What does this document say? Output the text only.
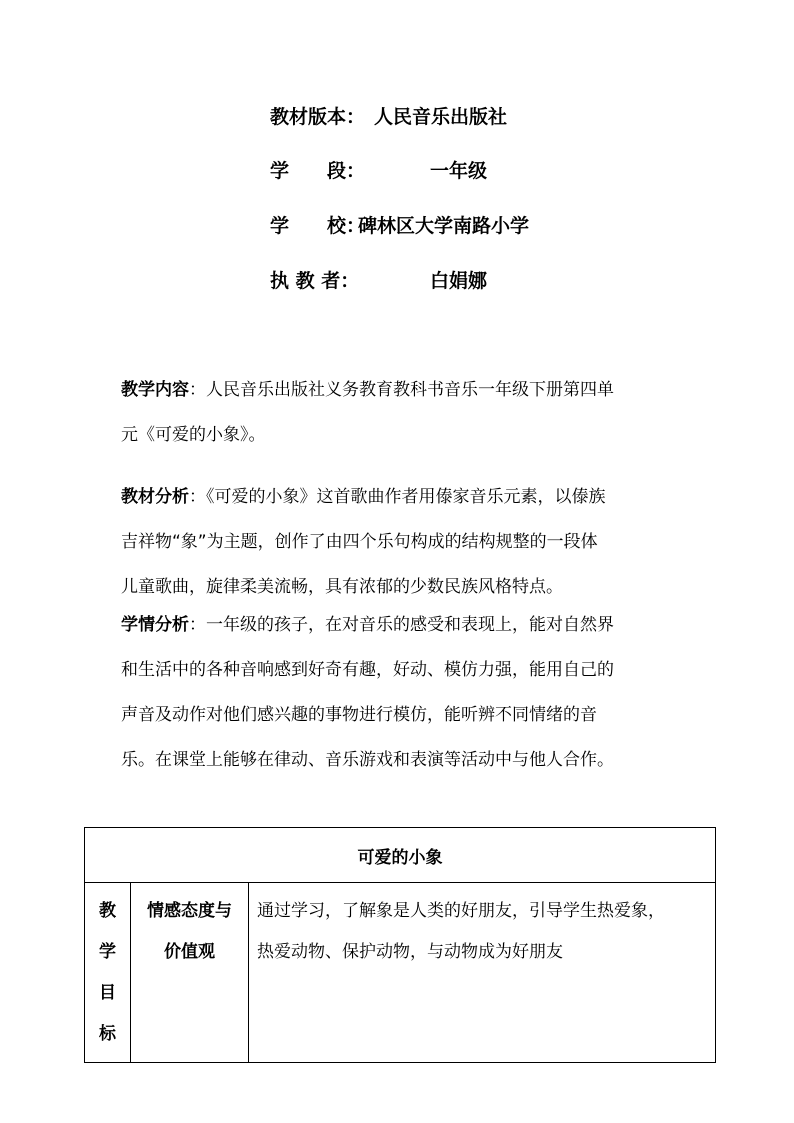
教材版本： 人民音乐出版社
学　　段：	一年级
学　　校：
碑林区大学南路小学
执 教 者：	白娟娜
教学内容：人民音乐出版社义务教育教科书音乐一年级下册第四单
元《可爱的小象》。
教材分析：《可爱的小象》这首歌曲作者用傣家音乐元素，以傣族
吉祥物“象”为主题，创作了由四个乐句构成的结构规整的一段体
儿童歌曲，旋律柔美流畅，具有浓郁的少数民族风格特点。
学情分析：一年级的孩子，在对音乐的感受和表现上，能对自然界
和生活中的各种音响感到好奇有趣，好动、模仿力强，能用自己的
声音及动作对他们感兴趣的事物进行模仿，能听辨不同情绪的音
乐。在课堂上能够在律动、音乐游戏和表演等活动中与他人合作。
可爱的小象

教
学
目
标

情感态度与
价值观

通过学习，了解象是人类的好朋友，引导学生热爱象，
热爱动物、保护动物，与动物成为好朋友
